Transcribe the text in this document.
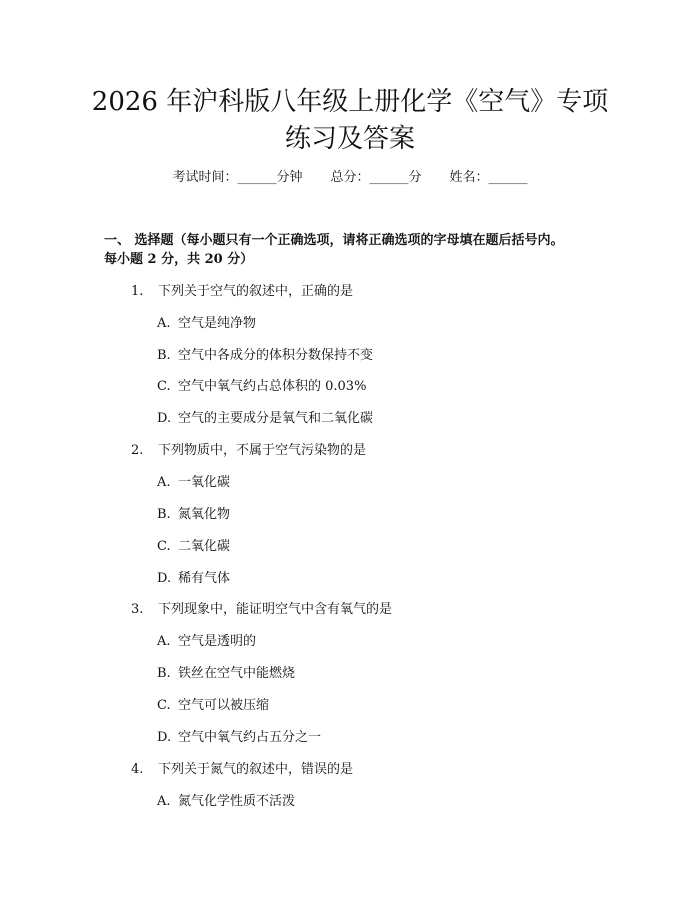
2026 年沪科版八年级上册化学《空气》专项
练习及答案
考试时间：______分钟 总分：______分 姓名：______

一、 选择题（每小题只有一个正确选项，请将正确选项的字母填在题后括号内。

每小题 2 分，共 20 分）

1. 下列关于空气的叙述中，正确的是
A. 空气是纯净物
B. 空气中各成分的体积分数保持不变
C. 空气中氧气约占总体积的 0.03%
D. 空气的主要成分是氧气和二氧化碳
2. 下列物质中，不属于空气污染物的是
A. 一氧化碳
B. 氮氧化物
C. 二氧化碳
D. 稀有气体
3. 下列现象中，能证明空气中含有氧气的是
A. 空气是透明的
B. 铁丝在空气中能燃烧
C. 空气可以被压缩
D. 空气中氧气约占五分之一
4. 下列关于氮气的叙述中，错误的是
A. 氮气化学性质不活泼
